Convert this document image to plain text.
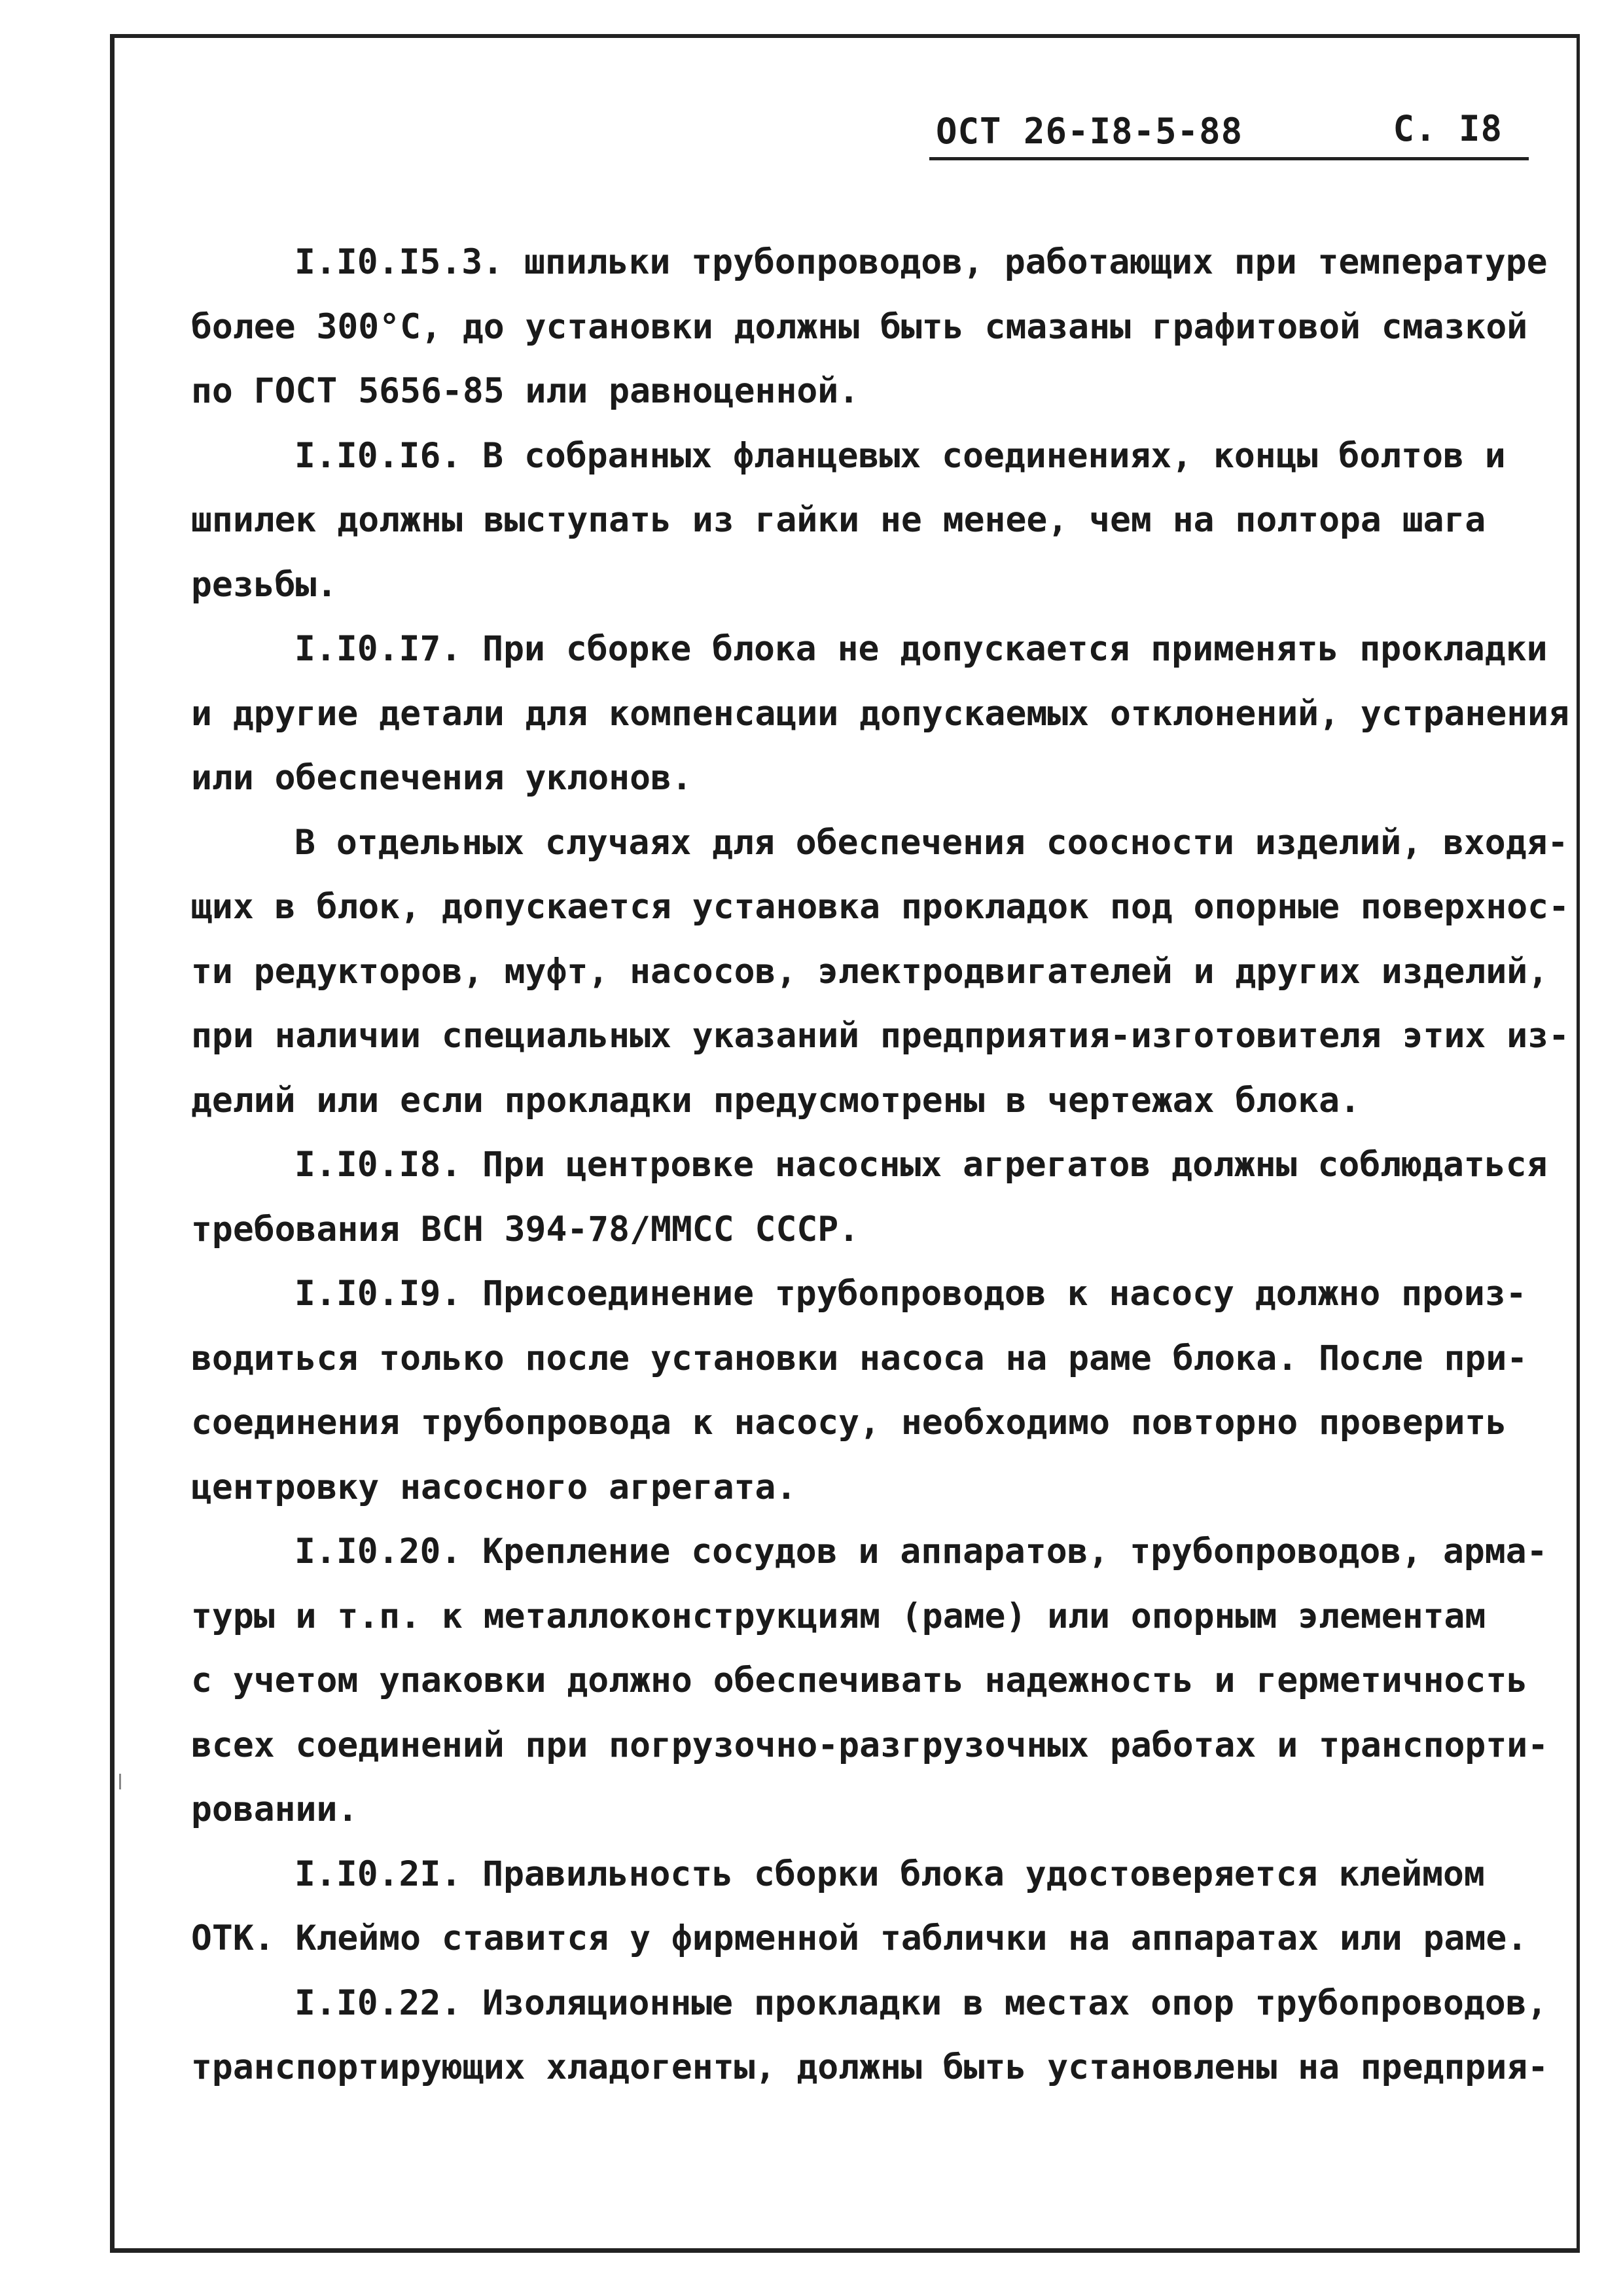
ОСТ 26-I8-5-88	С. I8
I.I0.I5.3. шпильки трубопроводов, работающих при температуре
более 300°С, до установки должны быть смазаны графитовой смазкой
по ГОСТ 5656-85 или равноценной.
I.I0.I6. В собранных фланцевых соединениях, концы болтов и
шпилек должны выступать из гайки не менее, чем на полтора шага
резьбы.
I.I0.I7. При сборке блока не допускается применять прокладки
и другие детали для компенсации допускаемых отклонений, устранения
или обеспечения уклонов.
В отдельных случаях для обеспечения соосности изделий, входя-
щих в блок, допускается установка прокладок под опорные поверхнос-
ти редукторов, муфт, насосов, электродвигателей и других изделий,
при наличии специальных указаний предприятия-изготовителя этих из-
делий или если прокладки предусмотрены в чертежах блока.
I.I0.I8. При центровке насосных агрегатов должны соблюдаться
требования ВСН 394-78/ММСС СССР.
I.I0.I9. Присоединение трубопроводов к насосу должно произ-
водиться только после установки насоса на раме блока. После при-
соединения трубопровода к насосу, необходимо повторно проверить
центровку насосного агрегата.
I.I0.20. Крепление сосудов и аппаратов, трубопроводов, арма-
туры и т.п. к металлоконструкциям (раме) или опорным элементам
с учетом упаковки должно обеспечивать надежность и герметичность
всех соединений при погрузочно-разгрузочных работах и транспорти-
ровании.
I.I0.2I. Правильность сборки блока удостоверяется клеймом
ОТК. Клеймо ставится у фирменной таблички на аппаратах или раме.
I.I0.22. Изоляционные прокладки в местах опор трубопроводов,
транспортирующих хладогенты, должны быть установлены на предприя-
